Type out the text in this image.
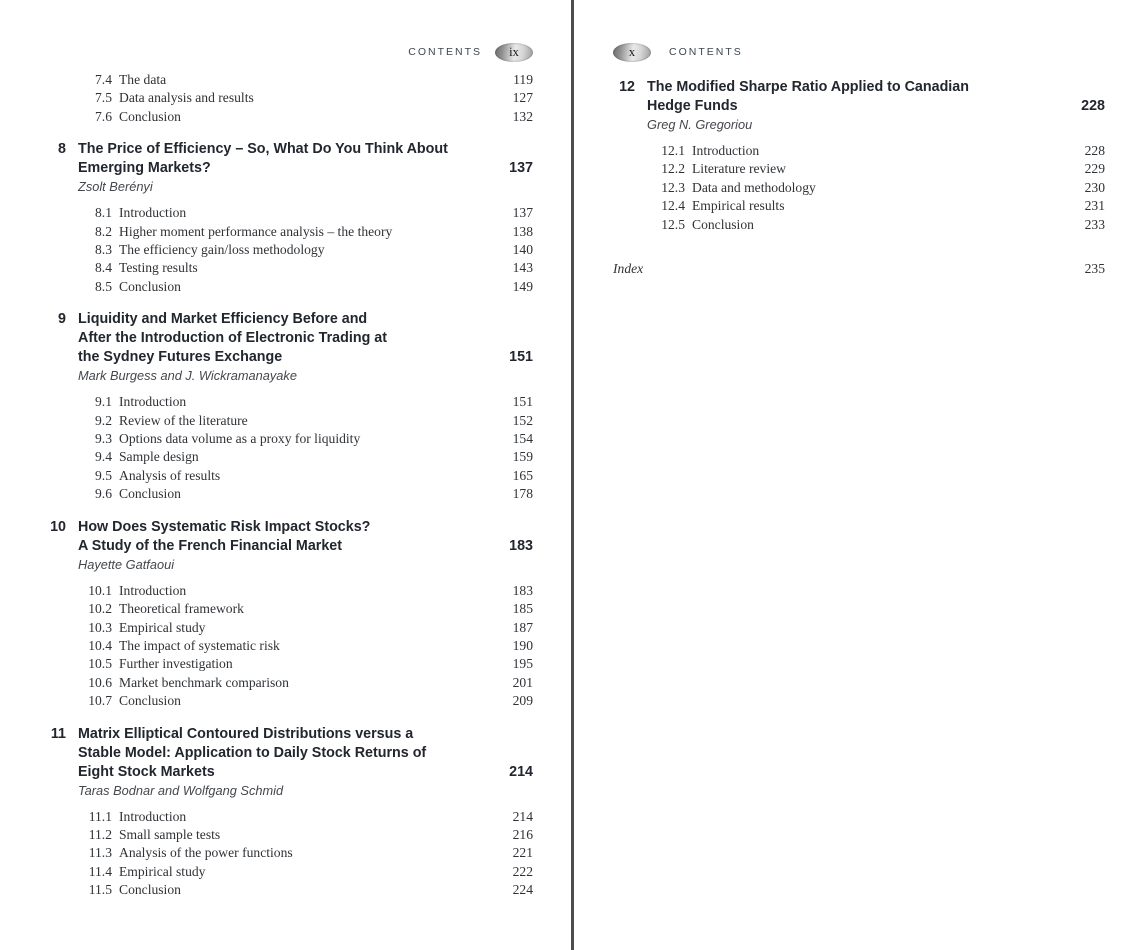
CONTENTS ix
7.4 The data	119
7.5 Data analysis and results	127
7.6 Conclusion	132
8 The Price of Efficiency – So, What Do You Think About
Emerging Markets?	137
Zsolt Berényi
8.1 Introduction	137
8.2 Higher moment performance analysis – the theory	138
8.3 The efficiency gain/loss methodology	140
8.4 Testing results	143
8.5 Conclusion	149
9 Liquidity and Market Efficiency Before and
After the Introduction of Electronic Trading at
the Sydney Futures Exchange	151
Mark Burgess and J. Wickramanayake
9.1 Introduction	151
9.2 Review of the literature	152
9.3 Options data volume as a proxy for liquidity	154
9.4 Sample design	159
9.5 Analysis of results	165
9.6 Conclusion	178
10 How Does Systematic Risk Impact Stocks?
A Study of the French Financial Market	183
Hayette Gatfaoui
10.1 Introduction	183
10.2 Theoretical framework	185
10.3 Empirical study	187
10.4 The impact of systematic risk	190
10.5 Further investigation	195
10.6 Market benchmark comparison	201
10.7 Conclusion	209
11 Matrix Elliptical Contoured Distributions versus a
Stable Model: Application to Daily Stock Returns of
Eight Stock Markets	214
Taras Bodnar and Wolfgang Schmid
11.1 Introduction	214
11.2 Small sample tests	216
11.3 Analysis of the power functions	221
11.4 Empirical study	222
11.5 Conclusion	224
x	CONTENTS
12 The Modified Sharpe Ratio Applied to Canadian
Hedge Funds	228
Greg N. Gregoriou
12.1 Introduction	228
12.2 Literature review	229
12.3 Data and methodology	230
12.4 Empirical results	231
12.5 Conclusion	233
Index	235
